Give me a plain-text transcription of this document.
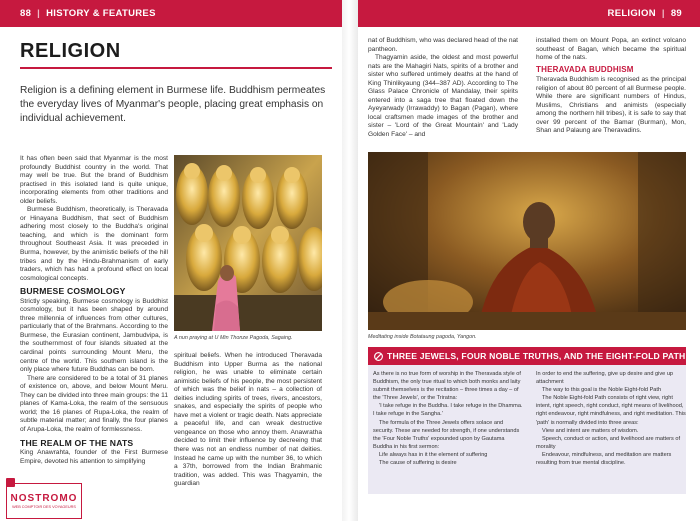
88 | HISTORY & FEATURES	RELIGION | 89
RELIGION
Religion is a defining element in Burmese life. Buddhism permeates the everyday lives of Myanmar's people, placing great emphasis on individual achievement.

It has often been said that Myanmar is the most profoundly Buddhist country in the world. That may well be true. But the brand of Buddhism practised in this isolated land is quite unique, incorporating elements from other traditions and older beliefs.

Burmese Buddhism, theoretically, is Theravada or Hinayana Buddhism, that sect of Buddhism adhering most closely to the Buddha's original teaching, and which is the dominant form throughout Southeast Asia. It was preceded in Burma, however, by the animistic beliefs of the hill tribes and by the Hindu-Brahmanism of early traders, which has had a profound effect on local cosmological concepts.

BURMESE COSMOLOGY

Strictly speaking, Burmese cosmology is Buddhist cosmology, but it has been shaped by around three millennia of influences from other cultures, particularly that of the Brahmans. According to the Burmese, the Eurasian continent, Jambudvipa, is the southernmost of four islands situated at the cardinal points surrounding Mount Meru, the centre of the world. This southern island is the only place where future Buddhas can be born.

There are considered to be a total of 31 planes of existence on, above, and below Mount Meru. They can be divided into three main groups: the 11 planes of Kama-Loka, the realm of the sensuous world; the 16 planes of Rupa-Loka, the realm of subtle material matter; and finally, the four planes of Arupa-Loka, the realm of formlessness.

THE REALM OF THE NATS

King Anawrahta, founder of the First Burmese Empire, devoted his attention to simplifying

A nun praying at U Min Thonze Pagoda, Sagaing.

spiritual beliefs. When he introduced Theravada Buddhism into Upper Burma as the national religion, he was unable to eliminate certain animistic beliefs of his people, the most persistent of which was the belief in nats – a collection of deities including spirits of trees, rivers, ancestors, snakes, and especially the spirits of people who have met a violent or tragic death. Nats appreciate a peaceful life, and can wreak destructive vengeance on those who annoy them. Anawratha decided to limit their influence by decreeing that there was not an endless number of nat deities. Instead he came up with the number 36, to which a 37th, borrowed from the Indian Brahmanic tradition, was added. This was Thagyamin, the guardian

nat of Buddhism, who was declared head of the nat pantheon.

Thagyamin aside, the oldest and most powerful nats are the Mahagiri Nats, spirits of a brother and sister who suffered untimely deaths at the hand of King Thinlikyaung (344–387 AD). According to The Glass Palace Chronicle of Mandalay, their spirits entered into a saga tree that floated down the Ayeyarwady (Irrawaddy) to Bagan (Pagan), where local craftsmen made images of the brother and sister – 'Lord of the Great Mountain' and 'Lady Golden Face' – and

installed them on Mount Popa, an extinct volcano southeast of Bagan, which became the spiritual home of the nats.

THERAVADA BUDDHISM

Theravada Buddhism is recognised as the principal religion of about 80 percent of all Burmese people. While there are significant numbers of Hindus, Muslims, Christians and animists (especially among the northern hill tribes), it is safe to say that over 99 percent of the Bamar (Burman), Mon, Shan and Palaung are Theravadins.

Meditating inside Botataung pagoda, Yangon.
THREE JEWELS, FOUR NOBLE TRUTHS, AND THE EIGHT-FOLD PATH

As there is no true form of worship in the Theravada style of Buddhism, the only true ritual to which both monks and laity submit themselves is the recitation – three times a day – of the 'Three Jewels', or the Triratna:

'I take refuge in the Buddha. I take refuge in the Dhamma. I take refuge in the Sangha.'

The formula of the Three Jewels offers solace and security. These are needed for strength, if one understands the 'Four Noble Truths' expounded upon by Gautama Buddha in his first sermon:

Life always has in it the element of suffering

The cause of suffering is desire

In order to end the suffering, give up desire and give up attachment

The way to this goal is the Noble Eight-fold Path

The Noble Eight-fold Path consists of right view, right intent, right speech, right conduct, right means of livelihood, right endeavour, right mindfulness, and right meditation. This 'path' is normally divided into three areas:

View and intent are matters of wisdom.

Speech, conduct or action, and livelihood are matters of morality

Endeavour, mindfulness, and meditation are matters resulting from true mental discipline.

NOSTROMO
WEB COMPTOIR DES VOYAGEURS
